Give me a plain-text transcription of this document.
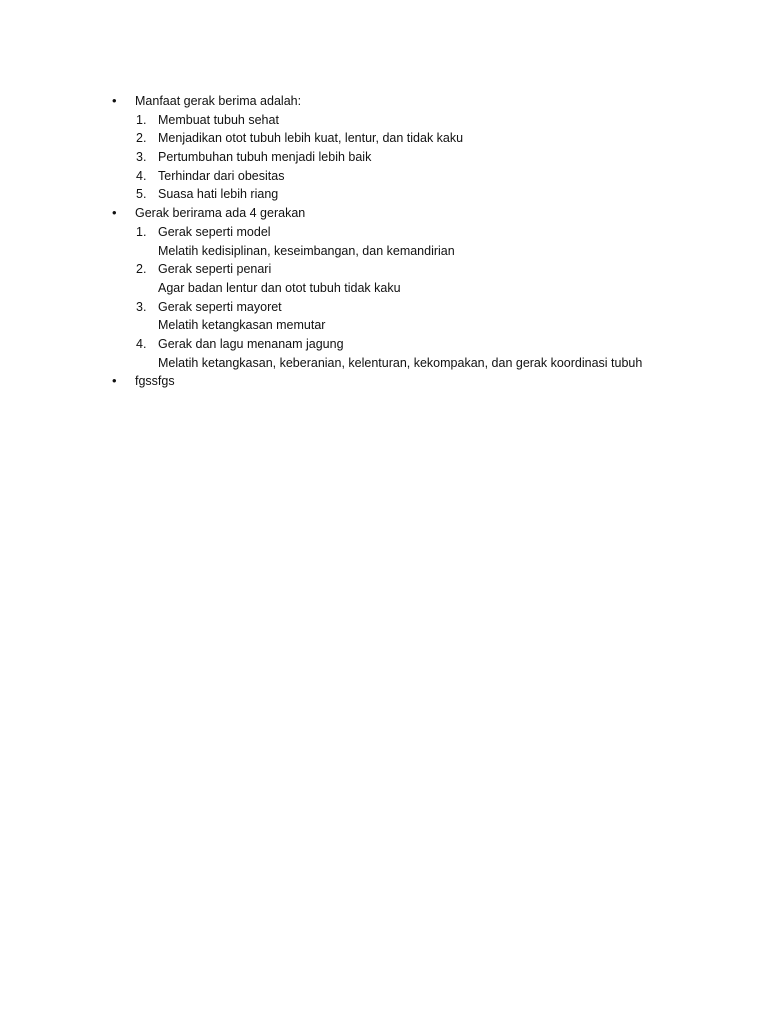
•	Manfaat gerak berima adalah:
1. Membuat tubuh sehat
2. Menjadikan otot tubuh lebih kuat, lentur, dan tidak kaku
3. Pertumbuhan tubuh menjadi lebih baik
4. Terhindar dari obesitas
5. Suasa hati lebih riang
•	Gerak berirama ada 4 gerakan
1. Gerak seperti model
Melatih kedisiplinan, keseimbangan, dan kemandirian
2. Gerak seperti penari
Agar badan lentur dan otot tubuh tidak kaku
3. Gerak seperti mayoret
Melatih ketangkasan memutar
4. Gerak dan lagu menanam jagung
Melatih ketangkasan, keberanian, kelenturan, kekompakan, dan gerak koordinasi tubuh
•	fgssfgs
